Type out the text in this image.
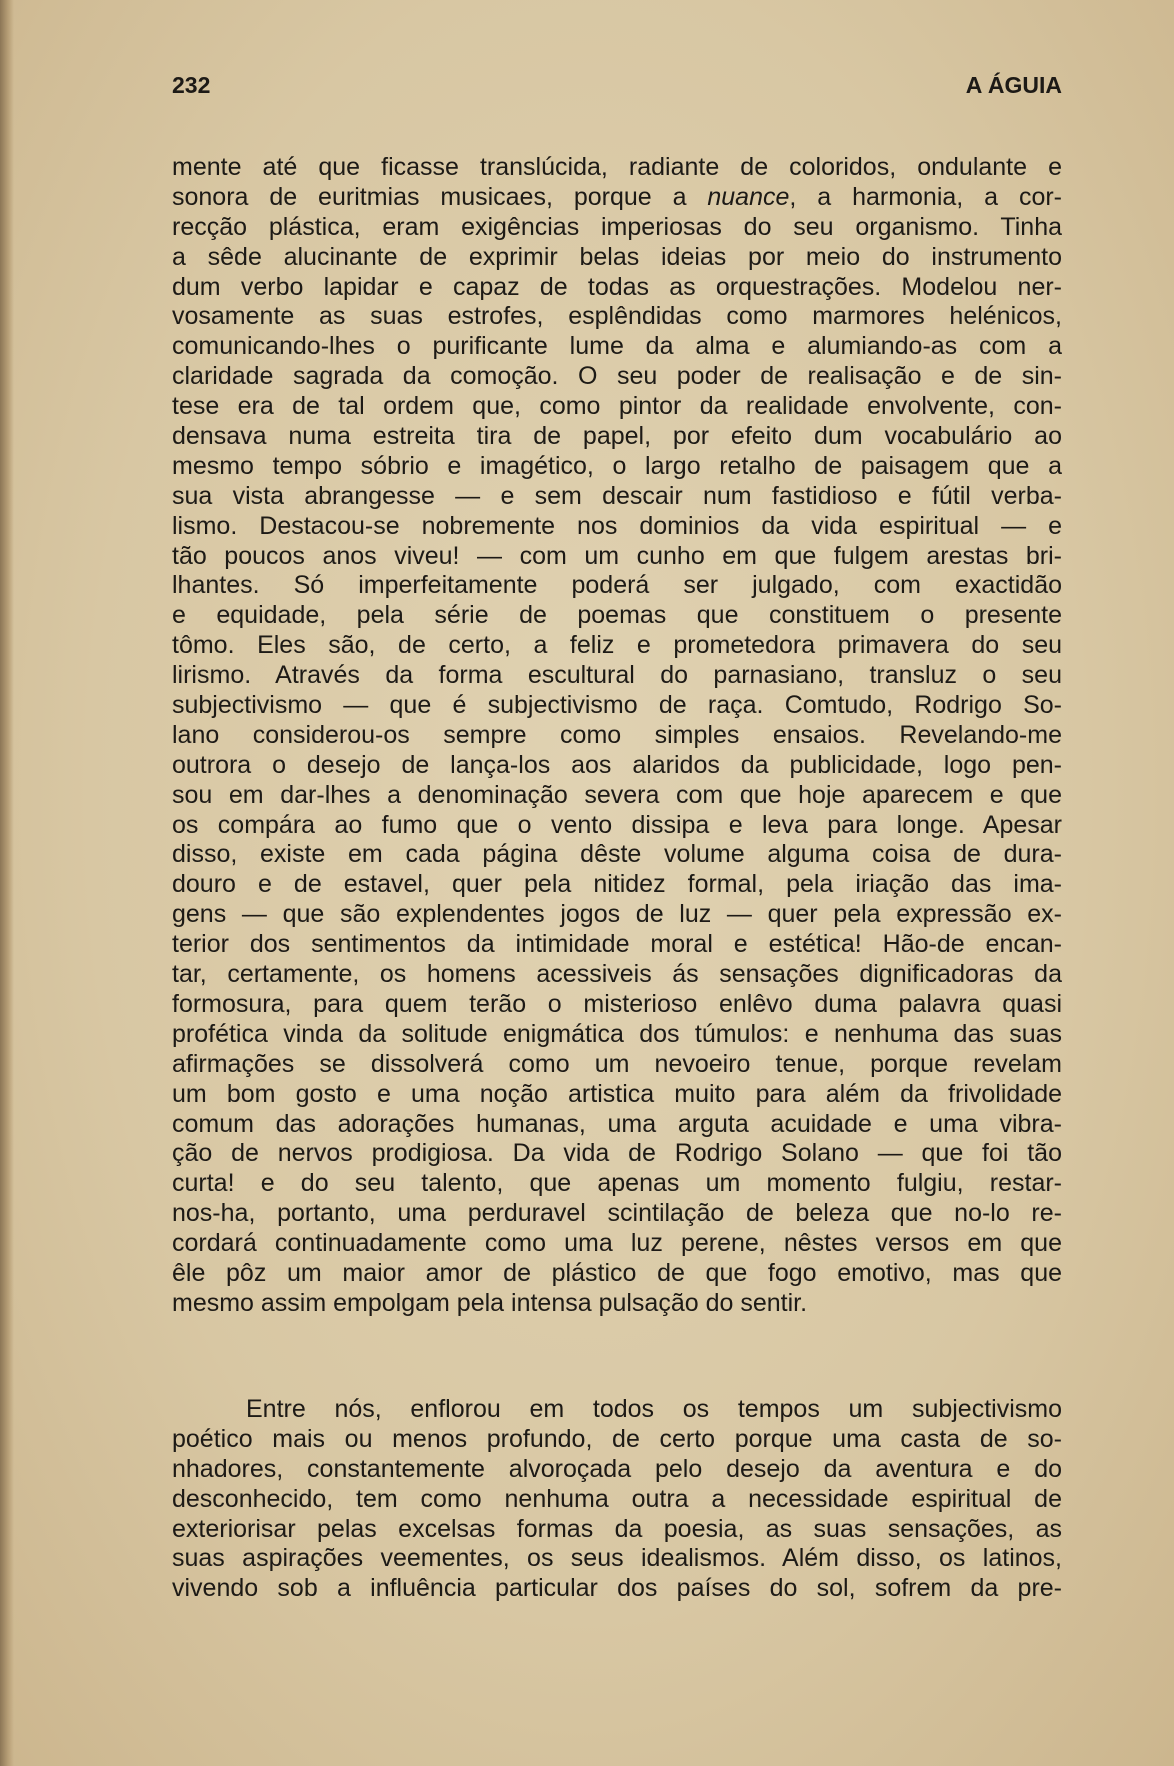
232	A ÁGUIA
mente até que ficasse translúcida, radiante de coloridos, ondulante e
sonora de euritmias musicaes, porque a nuance, a harmonia, a cor-
recção plástica, eram exigências imperiosas do seu organismo. Tinha
a sêde alucinante de exprimir belas ideias por meio do instrumento
dum verbo lapidar e capaz de todas as orquestrações. Modelou ner-
vosamente as suas estrofes, esplêndidas como marmores helénicos,
comunicando-lhes o purificante lume da alma e alumiando-as com a
claridade sagrada da comoção. O seu poder de realisação e de sin-
tese era de tal ordem que, como pintor da realidade envolvente, con-
densava numa estreita tira de papel, por efeito dum vocabulário ao
mesmo tempo sóbrio e imagético, o largo retalho de paisagem que a
sua vista abrangesse — e sem descair num fastidioso e fútil verba-
lismo. Destacou-se nobremente nos dominios da vida espiritual — e
tão poucos anos viveu! — com um cunho em que fulgem arestas bri-
lhantes. Só imperfeitamente poderá ser julgado, com exactidão
e equidade, pela série de poemas que constituem o presente
tômo. Eles são, de certo, a feliz e prometedora primavera do seu
lirismo. Através da forma escultural do parnasiano, transluz o seu
subjectivismo — que é subjectivismo de raça. Comtudo, Rodrigo So-
lano considerou-os sempre como simples ensaios. Revelando-me
outrora o desejo de lança-los aos alaridos da publicidade, logo pen-
sou em dar-lhes a denominação severa com que hoje aparecem e que
os compára ao fumo que o vento dissipa e leva para longe. Apesar
disso, existe em cada página dêste volume alguma coisa de dura-
douro e de estavel, quer pela nitidez formal, pela iriação das ima-
gens — que são explendentes jogos de luz — quer pela expressão ex-
terior dos sentimentos da intimidade moral e estética! Hão-de encan-
tar, certamente, os homens acessiveis ás sensações dignificadoras da
formosura, para quem terão o misterioso enlêvo duma palavra quasi
profética vinda da solitude enigmática dos túmulos: e nenhuma das suas
afirmações se dissolverá como um nevoeiro tenue, porque revelam
um bom gosto e uma noção artistica muito para além da frivolidade
comum das adorações humanas, uma arguta acuidade e uma vibra-
ção de nervos prodigiosa. Da vida de Rodrigo Solano — que foi tão
curta! e do seu talento, que apenas um momento fulgiu, restar-
nos-ha, portanto, uma perduravel scintilação de beleza que no-lo re-
cordará continuadamente como uma luz perene, nêstes versos em que
êle pôz um maior amor de plástico de que fogo emotivo, mas que
mesmo assim empolgam pela intensa pulsação do sentir.
Entre nós, enflorou em todos os tempos um subjectivismo
poético mais ou menos profundo, de certo porque uma casta de so-
nhadores, constantemente alvoroçada pelo desejo da aventura e do
desconhecido, tem como nenhuma outra a necessidade espiritual de
exteriorisar pelas excelsas formas da poesia, as suas sensações, as
suas aspirações veementes, os seus idealismos. Além disso, os latinos,
vivendo sob a influência particular dos países do sol, sofrem da pre-
